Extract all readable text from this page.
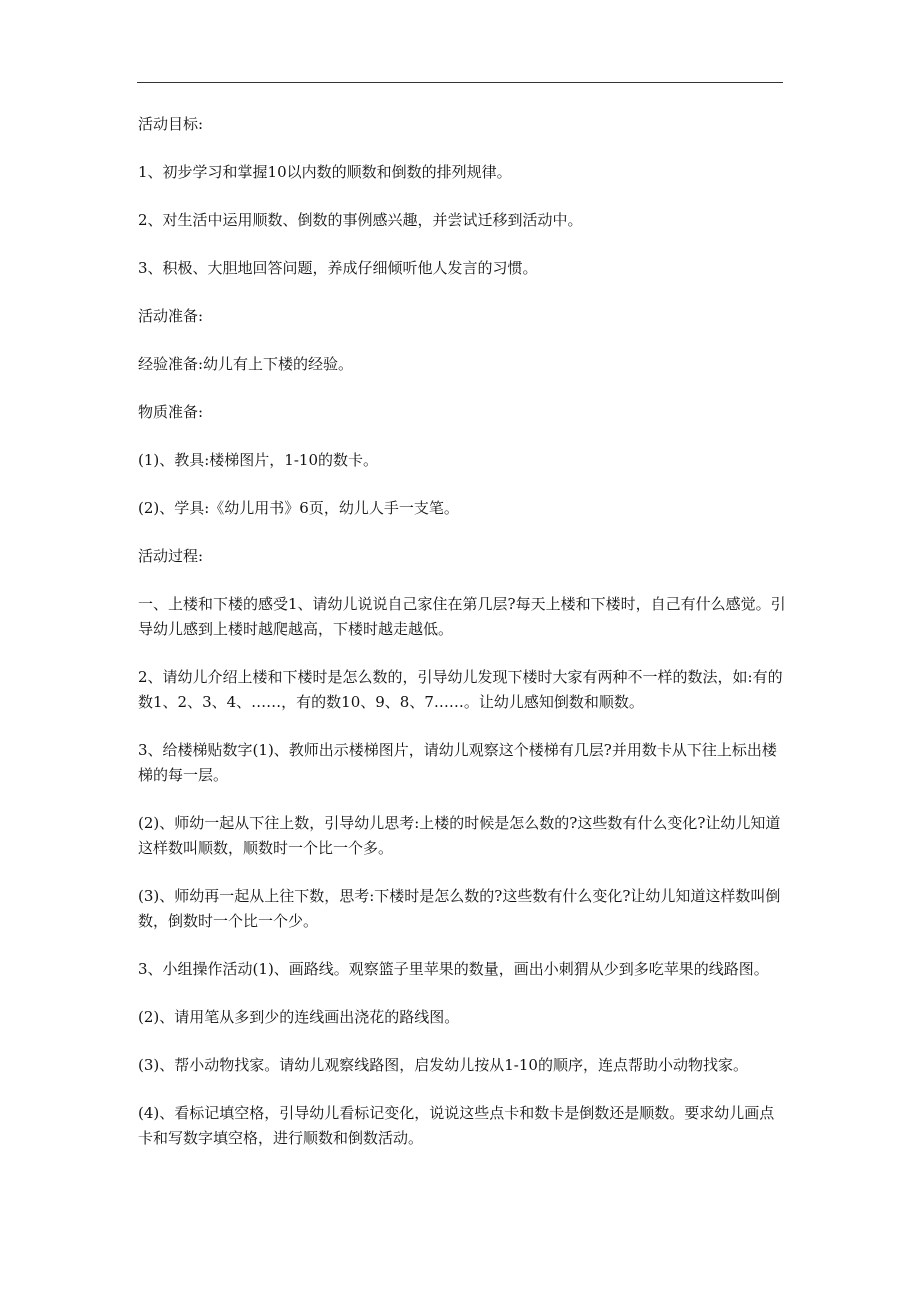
活动目标:

1、初步学习和掌握10以内数的顺数和倒数的排列规律。

2、对生活中运用顺数、倒数的事例感兴趣，并尝试迁移到活动中。

3、积极、大胆地回答问题，养成仔细倾听他人发言的习惯。

活动准备:

经验准备:幼儿有上下楼的经验。

物质准备:

(1)、教具:楼梯图片，1-10的数卡。

(2)、学具:《幼儿用书》6页，幼儿人手一支笔。

活动过程:

一、上楼和下楼的感受1、请幼儿说说自己家住在第几层?每天上楼和下楼时，自己有什么感觉。引导幼儿感到上楼时越爬越高，下楼时越走越低。

2、请幼儿介绍上楼和下楼时是怎么数的，引导幼儿发现下楼时大家有两种不一样的数法，如:有的数1、2、3、4、……，有的数10、9、8、7……。让幼儿感知倒数和顺数。

3、给楼梯贴数字(1)、教师出示楼梯图片，请幼儿观察这个楼梯有几层?并用数卡从下往上标出楼梯的每一层。

(2)、师幼一起从下往上数，引导幼儿思考:上楼的时候是怎么数的?这些数有什么变化?让幼儿知道这样数叫顺数，顺数时一个比一个多。

(3)、师幼再一起从上往下数，思考:下楼时是怎么数的?这些数有什么变化?让幼儿知道这样数叫倒数，倒数时一个比一个少。

3、小组操作活动(1)、画路线。观察篮子里苹果的数量，画出小刺猬从少到多吃苹果的线路图。

(2)、请用笔从多到少的连线画出浇花的路线图。

(3)、帮小动物找家。请幼儿观察线路图，启发幼儿按从1-10的顺序，连点帮助小动物找家。

(4)、看标记填空格，引导幼儿看标记变化，说说这些点卡和数卡是倒数还是顺数。要求幼儿画点卡和写数字填空格，进行顺数和倒数活动。
